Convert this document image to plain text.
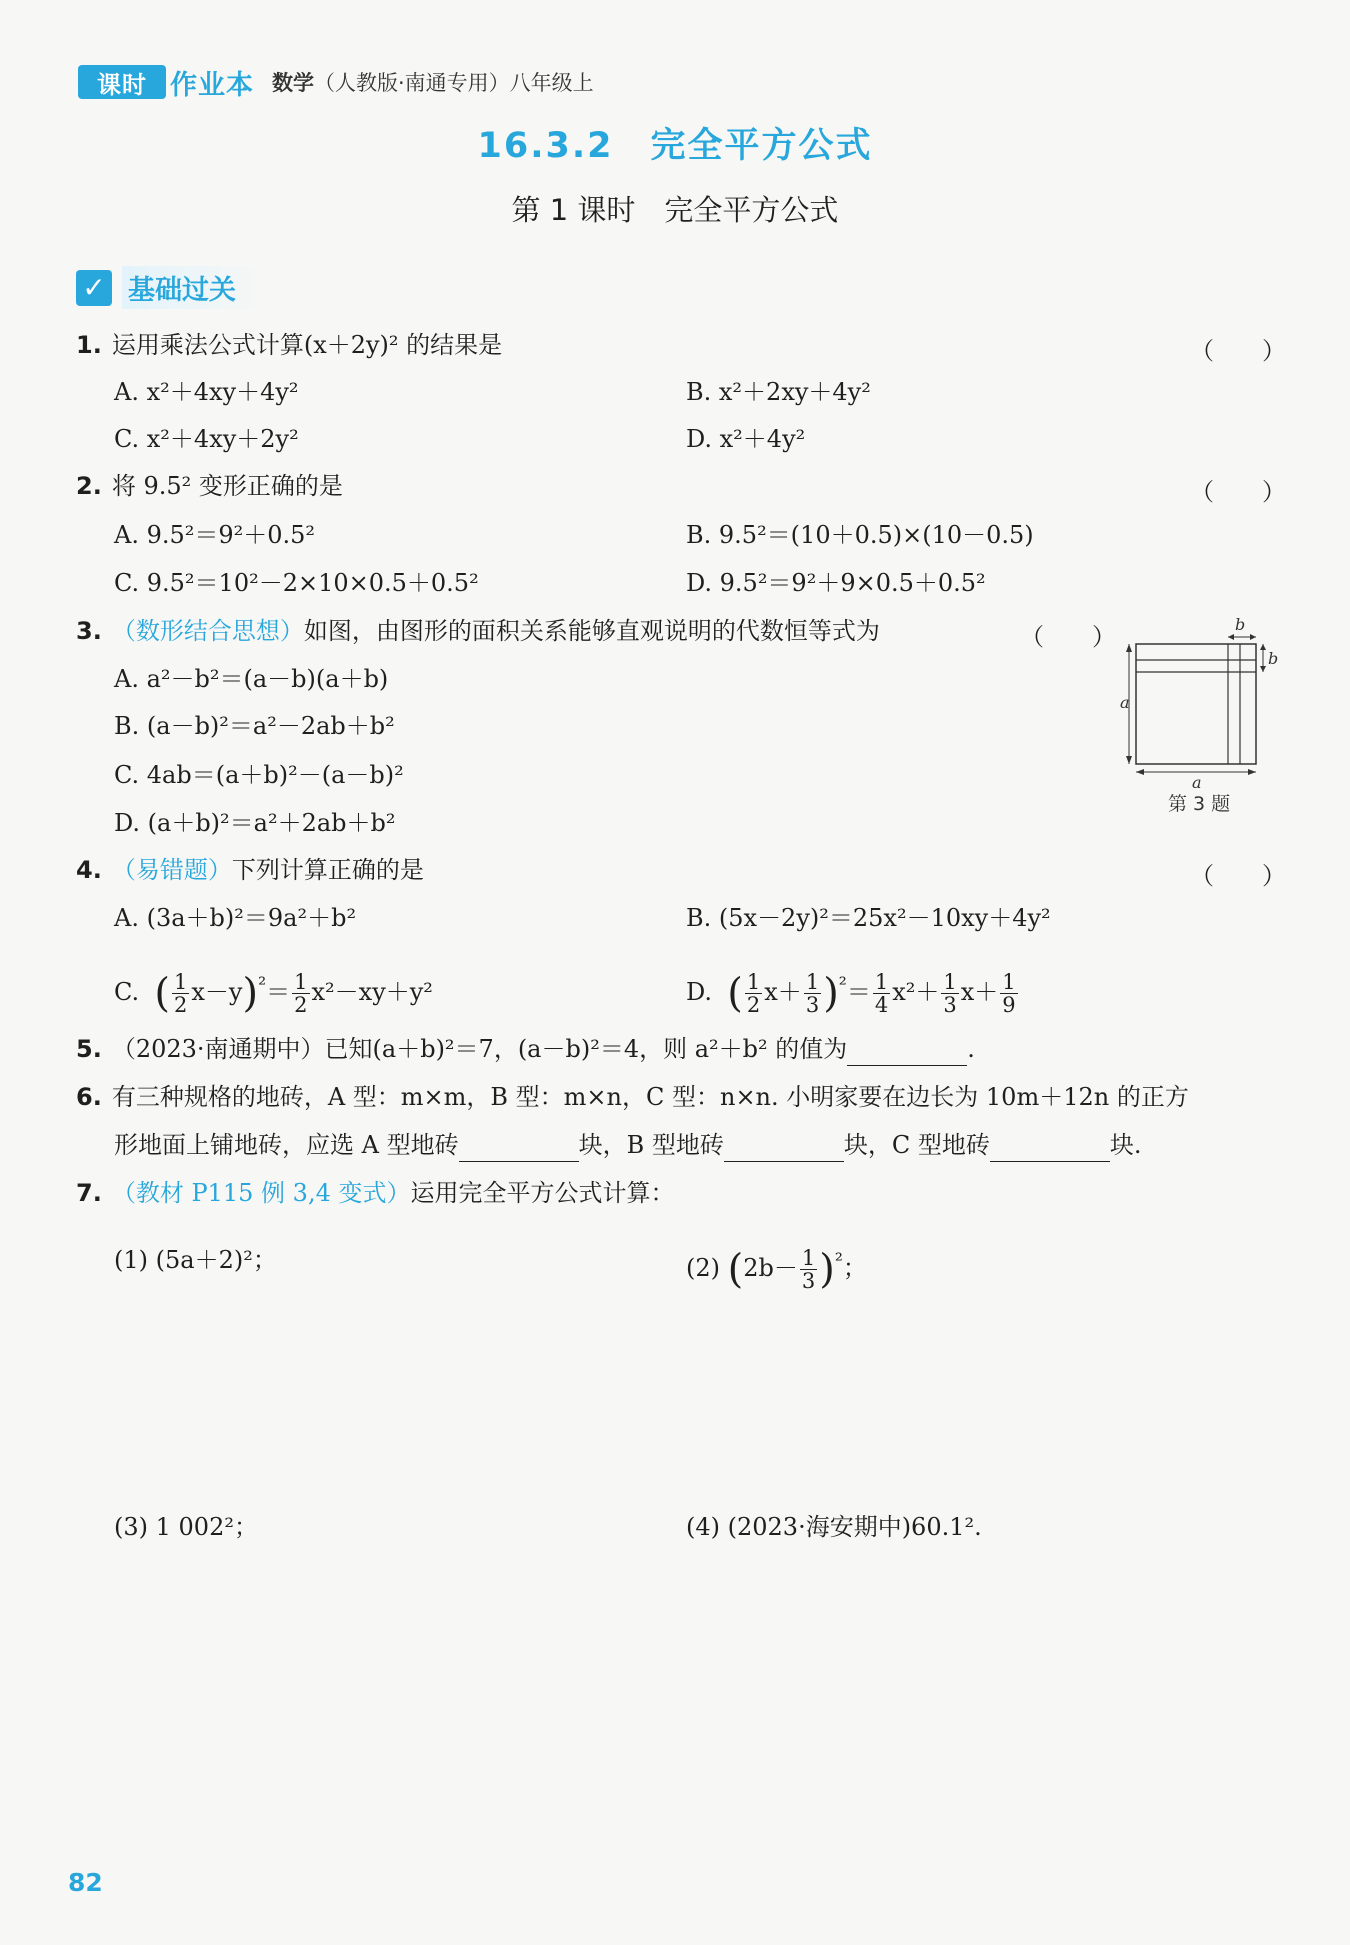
课时 作业本 数学（人教版·南通专用）八年级上
16.3.2　完全平方公式
第 1 课时　完全平方公式
✓ 基础过关
1. 运用乘法公式计算(x＋2y)² 的结果是	（　　）
A. x²＋4xy＋4y²	B. x²＋2xy＋4y²
C. x²＋4xy＋2y²	D. x²＋4y²
2. 将 9.5² 变形正确的是	（　　）
A. 9.5²＝9²＋0.5²	B. 9.5²＝(10＋0.5)×(10－0.5)
C. 9.5²＝10²－2×10×0.5＋0.5²	D. 9.5²＝9²＋9×0.5＋0.5²
3. （数形结合思想）如图，由图形的面积关系能够直观说明的代数恒等式为	（　　）
A. a²－b²＝(a－b)(a＋b)
B. (a－b)²＝a²－2ab＋b²
C. 4ab＝(a＋b)²－(a－b)²
D. (a＋b)²＝a²＋2ab＋b²
a
a
b
b
第 3 题
4. （易错题）下列计算正确的是	（　　）
A. (3a＋b)²＝9a²＋b²	B. (5x－2y)²＝25x²－10xy＋4y²
C. ( $\frac{1}{2} x-y)^{^2}= \frac{1}{2} x^2-xy+y^2$	D. ( $\frac{1}{2} x+ \frac{1}{3} )^{^2}= \frac{1}{4} x^2+ \frac{1}{3} x+ \frac{1}{9}$
5. （2023·南通期中）已知(a＋b)²＝7，(a－b)²＝4，则 a²＋b² 的值为	.
6. 有三种规格的地砖，A 型：m×m，B 型：m×n，C 型：n×n. 小明家要在边长为 10m＋12n 的正方
形地面上铺地砖，应选 A 型地砖	块，B 型地砖	块，C 型地砖	块.
7. （教材 P115 例 3,4 变式）运用完全平方公式计算：
(1) (5a＋2)²；	(2) $(2b- \frac{1}{3} )^{^2}$；
(3) 1 002²；	(4) (2023·海安期中)60.1².
82
